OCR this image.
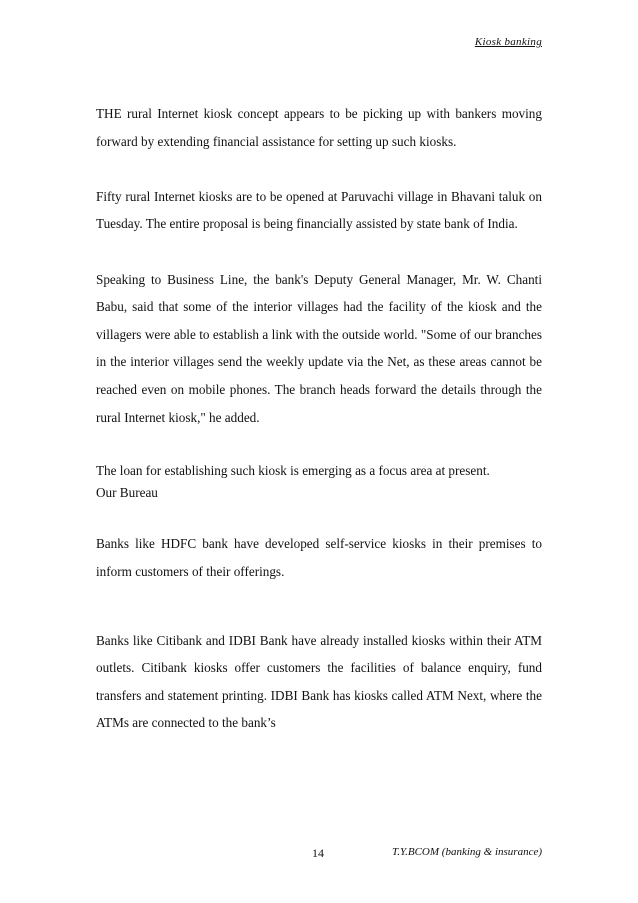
Kiosk banking

THE rural Internet kiosk concept appears to be picking up with bankers moving forward by extending financial assistance for setting up such kiosks.

Fifty rural Internet kiosks are to be opened at Paruvachi village in Bhavani taluk on Tuesday. The entire proposal is being financially assisted by state bank of India.

Speaking to Business Line, the bank's Deputy General Manager, Mr. W. Chanti Babu, said that some of the interior villages had the facility of the kiosk and the villagers were able to establish a link with the outside world. "Some of our branches in the interior villages send the weekly update via the Net, as these areas cannot be reached even on mobile phones. The branch heads forward the details through the rural Internet kiosk," he added.

The loan for establishing such kiosk is emerging as a focus area at present.

Our Bureau

Banks like HDFC bank have developed self-service kiosks in their premises to inform customers of their offerings.

Banks like Citibank and IDBI Bank have already installed kiosks within their ATM outlets. Citibank kiosks offer customers the facilities of balance enquiry, fund transfers and statement printing. IDBI Bank has kiosks called ATM Next, where the ATMs are connected to the bank’s

14	T.Y.BCOM (banking & insurance)
